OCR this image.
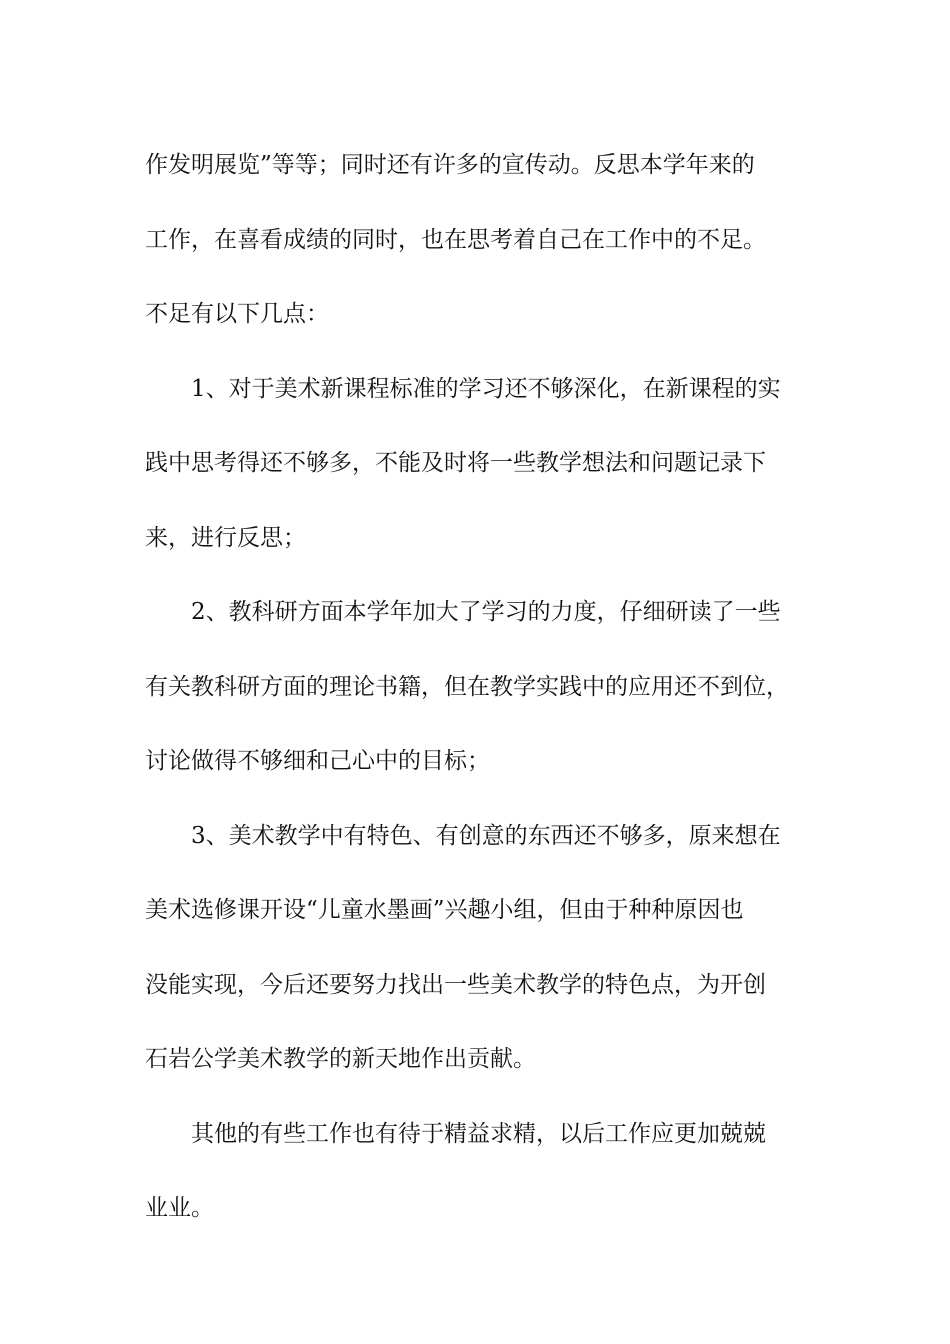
作发明展览”等等；同时还有许多的宣传动。反思本学年来的
工作，在喜看成绩的同时，也在思考着自己在工作中的不足。
不足有以下几点：

1、对于美术新课程标准的学习还不够深化，在新课程的实
践中思考得还不够多，不能及时将一些教学想法和问题记录下
来，进行反思；

2、教科研方面本学年加大了学习的力度，仔细研读了一些
有关教科研方面的理论书籍，但在教学实践中的应用还不到位，
讨论做得不够细和己心中的目标；

3、美术教学中有特色、有创意的东西还不够多，原来想在
美术选修课开设“儿童水墨画”兴趣小组，但由于种种原因也
没能实现，今后还要努力找出一些美术教学的特色点，为开创
石岩公学美术教学的新天地作出贡献。

其他的有些工作也有待于精益求精，以后工作应更加兢兢
业业。
